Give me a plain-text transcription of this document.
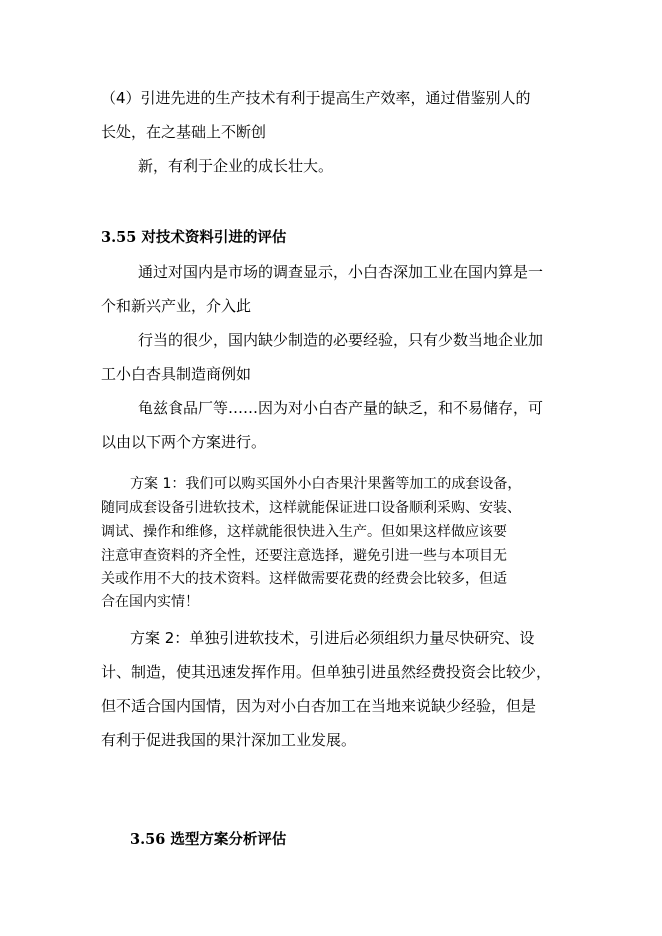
（4）引进先进的生产技术有利于提高生产效率，通过借鉴别人的
长处，在之基础上不断创
新，有利于企业的成长壮大。
3.55 对技术资料引进的评估
通过对国内是市场的调查显示，小白杏深加工业在国内算是一
个和新兴产业，介入此
行当的很少，国内缺少制造的必要经验，只有少数当地企业加
工小白杏具制造商例如
龟兹食品厂等……因为对小白杏产量的缺乏，和不易储存，可
以由以下两个方案进行。
方案 1：我们可以购买国外小白杏果汁果酱等加工的成套设备，
随同成套设备引进软技术，这样就能保证进口设备顺利采购、安装、
调试、操作和维修，这样就能很快进入生产。但如果这样做应该要
注意审查资料的齐全性，还要注意选择，避免引进一些与本项目无
关或作用不大的技术资料。这样做需要花费的经费会比较多，但适
合在国内实情！
方案 2：单独引进软技术，引进后必须组织力量尽快研究、设
计、制造，使其迅速发挥作用。但单独引进虽然经费投资会比较少，
但不适合国内国情，因为对小白杏加工在当地来说缺少经验，但是
有利于促进我国的果汁深加工业发展。
3.56 选型方案分析评估
